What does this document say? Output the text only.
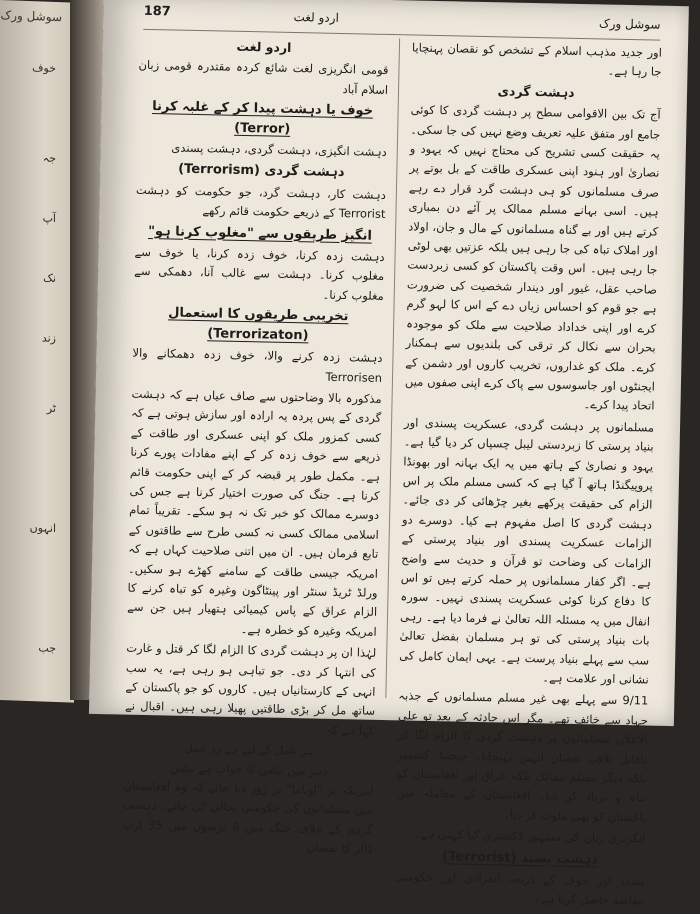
سوشل ورک
خوف
جہ
آپ
نک
زند
ٹر
انہوں
جب
سوشل ورک
اردو لغت
187

اور جدید مذہب اسلام کے تشخص کو نقصان پہنچایا جا رہا ہے۔

دہشت گردی

آج تک بین الاقوامی سطح پر دہشت گردی کا کوئی جامع اور متفق علیہ تعریف وضع نہیں کی جا سکی۔ یہ حقیقت کسی تشریح کی محتاج نہیں کہ یہود و نصاریٰ اور ہنود اپنی عسکری طاقت کے بل بوتے پر صرف مسلمانوں کو ہی دہشت گرد قرار دے رہے ہیں۔ اسی بہانے مسلم ممالک پر آئے دن بمباری کرتے ہیں اور بے گناہ مسلمانوں کے مال و جان، اولاد اور املاک تباہ کی جا رہی ہیں بلکہ عزتیں بھی لوٹی جا رہی ہیں۔ اس وقت پاکستان کو کسی زبردست صاحب عقل، غیور اور دیندار شخصیت کی ضرورت ہے جو قوم کو احساس زیاں دے کے اس کا لہو گرم کرے اور اپنی خداداد صلاحیت سے ملک کو موجودہ بحران سے نکال کر ترقی کی بلندیوں سے ہمکنار کرے۔ ملک کو غداروں، تخریب کاروں اور دشمن کے ایجنٹوں اور جاسوسوں سے پاک کرے اپنی صفوں میں اتحاد پیدا کرے۔

مسلمانوں پر دہشت گردی، عسکریت پسندی اور بنیاد پرستی کا زبردستی لیبل چسپاں کر دیا گیا ہے۔ یہود و نصاریٰ کے ہاتھ میں یہ ایک بہانہ اور بھونڈا پروپیگنڈا ہاتھ آ گیا ہے کہ کسی مسلم ملک پر اس الزام کی حقیقت پرکھے بغیر چڑھائی کر دی جائے۔ دہشت گردی کا اصل مفہوم ہے کیا۔ دوسرے دو الزامات عسکریت پسندی اور بنیاد پرستی کے الزامات کی وضاحت تو قرآن و حدیث سے واضح ہے۔ اگر کفار مسلمانوں پر حملہ کرتے ہیں تو اس کا دفاع کرنا کوئی عسکریت پسندی نہیں۔ سورہ انفال میں یہ مسئلہ اللہ تعالیٰ نے فرما دیا ہے۔ رہی بات بنیاد پرستی کی تو ہر مسلمان بفضل تعالیٰ سب سے پہلے بنیاد پرست ہے۔ یہی ایمان کامل کی نشانی اور علامت ہے۔

9/11 سے پہلے بھی غیر مسلم مسلمانوں کے جذبہ جہاد سے خائف تھے۔ مگر اس حادثہ کے بعد تو علی الاعلان مسلمانوں پر دہشت گردی کا الزام لگا کر ناقابل تلافی نقصان انہیں پہنچایا۔ چیچنیا، کشمیر بلکہ دیگر مسلم ممالک بلکہ عراق اور افغانستان کو تباہ و برباد کر دیا۔ افغانستان کے معاملہ میں پاکستان کو بھی ملوث کر دیا۔

انگریزی زبان کی مشہور ڈکشنری کیا کہتی ہے۔

دہشت پسند (Terrorist)

تشدد اور خوف کے ذریعہ انفرادی اور حکومتی مقاصد حاصل کرنا ہے۔

اردو لغت

قومی انگریزی لغت شائع کردہ مقتدرہ قومی زبان اسلام آباد

خوف یا دہشت پیدا کر کے غلبہ کرنا (Terror)

دہشت انگیزی، دہشت گردی، دہشت پسندی

دہشت گردی (Terrorism)

دہشت کار، دہشت گرد، جو حکومت کو دہشت Terrorist کے ذریعے حکومت قائم رکھے

انگیز طریقوں سے "مغلوب کرنا ہو"

دہشت زدہ کرنا، خوف زدہ کرنا، یا خوف سے مغلوب کرنا۔ دہشت سے غالب آنا، دھمکی سے مغلوب کرنا۔

تخریبی طریقوں کا استعمال (Terrorizaton)

دہشت زدہ کرنے والا، خوف زدہ دھمکانے والا Terrorisen

مذکورہ بالا وضاحتوں سے صاف عیاں ہے کہ دہشت گردی کے پس پردہ یہ ارادہ اور سازش ہوتی ہے کہ کسی کمزور ملک کو اپنی عسکری اور طاقت کے ذریعے سے خوف زدہ کر کے اپنے مفادات پورے کرنا ہے۔ مکمل طور پر قبضہ کر کے اپنی حکومت قائم کرنا ہے۔ جنگ کی صورت اختیار کرنا ہے جس کی دوسرے ممالک کو خبر تک نہ ہو سکے۔ تقریباً تمام اسلامی ممالک کسی نہ کسی طرح سے طاقتوں کے تابع فرمان ہیں۔ ان میں اتنی صلاحیت کہاں ہے کہ امریکہ جیسی طاقت کے سامنے کھڑے ہو سکیں۔ ورلڈ ٹریڈ سنٹر اور پینٹاگون وغیرہ کو تباہ کرنے کا الزام عراق کے پاس کیمیائی ہتھیار ہیں جن سے امریکہ وغیرہ کو خطرہ ہے۔

لہٰذا ان پر دہشت گردی کا الزام لگا کر قتل و غارت کی انتہا کر دی۔ جو تباہی ہو رہی ہے، یہ سب انہی کے کارستانیاں ہیں۔ کاروں کو جو پاکستان کے ساتھ مل کر بڑی طاقتیں پھیلا رہی ہیں۔ اقبال نے کہا ہے کہ

ہر عمل کے لیے ہے رد عمل

دہر میں نیٹس کا جواب ہے نیٹس

امریکہ پر "اوباما" پر زور دیا جائے کہ وہ افغانستان میں مسلمانوں کی حکومتی بحالی کی جائے۔ دہشت گردی کے خلاف جنگ میں 8 برسوں میں 35 ارب ڈالر کا نقصان
